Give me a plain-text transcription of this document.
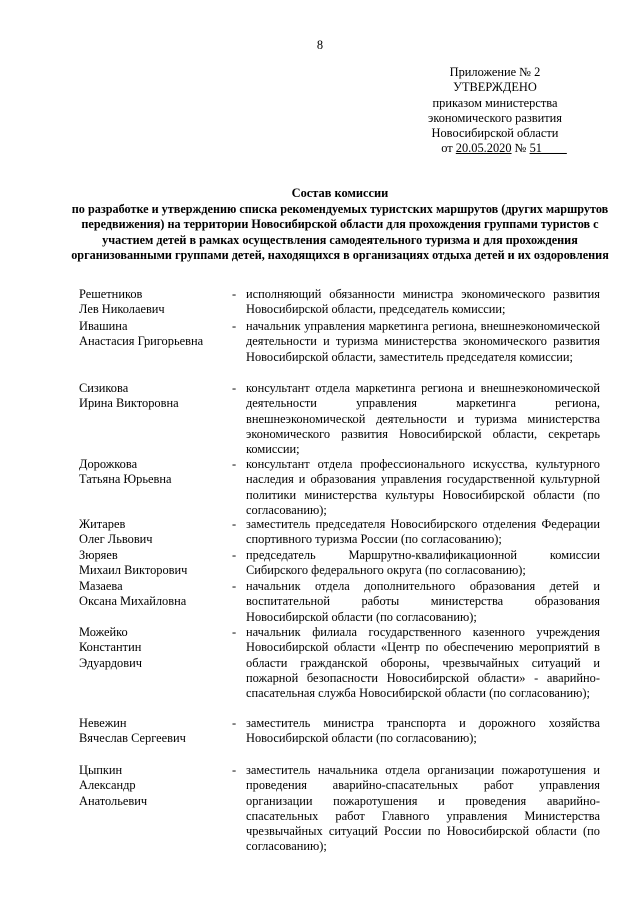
8
Приложение № 2
УТВЕРЖДЕНО
приказом министерства
экономического развития
Новосибирской области
от 20.05.2020 № 51____
Состав комиссии
по разработке и утверждению списка рекомендуемых туристских маршрутов (других маршрутов передвижения) на территории Новосибирской области для прохождения группами туристов с участием детей в рамках осуществления самодеятельного туризма и для прохождения организованными группами детей, находящихся в организациях отдыха детей и их оздоровления
Решетников
Лев Николаевич
- исполняющий обязанности министра экономического развития Новосибирской области, председатель комиссии;
Ивашина
Анастасия Григорьевна
- начальник управления маркетинга региона, внешнеэкономической деятельности и туризма министерства экономического развития Новосибирской области, заместитель председателя комиссии;
Сизикова
Ирина Викторовна
- консультант отдела маркетинга региона и внешнеэкономической деятельности управления маркетинга региона, внешнеэкономической деятельности и туризма министерства экономического развития Новосибирской области, секретарь комиссии;
Дорожкова
Татьяна Юрьевна
- консультант отдела профессионального искусства, культурного наследия и образования управления государственной культурной политики министерства культуры Новосибирской области (по согласованию);
Житарев
Олег Львович
- заместитель председателя Новосибирского отделения Федерации спортивного туризма России (по согласованию);
Зюряев
Михаил Викторович
- председатель Маршрутно-квалификационной комиссии Сибирского федерального округа (по согласованию);
Мазаева
Оксана Михайловна
- начальник отдела дополнительного образования детей и воспитательной работы министерства образования Новосибирской области (по согласованию);
Можейко
Константин
Эдуардович
- начальник филиала государственного казенного учреждения Новосибирской области «Центр по обеспечению мероприятий в области гражданской обороны, чрезвычайных ситуаций и пожарной безопасности Новосибирской области» - аварийно-спасательная служба Новосибирской области (по согласованию);
Невежин
Вячеслав Сергеевич
- заместитель министра транспорта и дорожного хозяйства Новосибирской области (по согласованию);
Цыпкин
Александр
Анатольевич
- заместитель начальника отдела организации пожаротушения и проведения аварийно-спасательных работ управления организации пожаротушения и проведения аварийно-спасательных работ Главного управления Министерства чрезвычайных ситуаций России по Новосибирской области (по согласованию);
